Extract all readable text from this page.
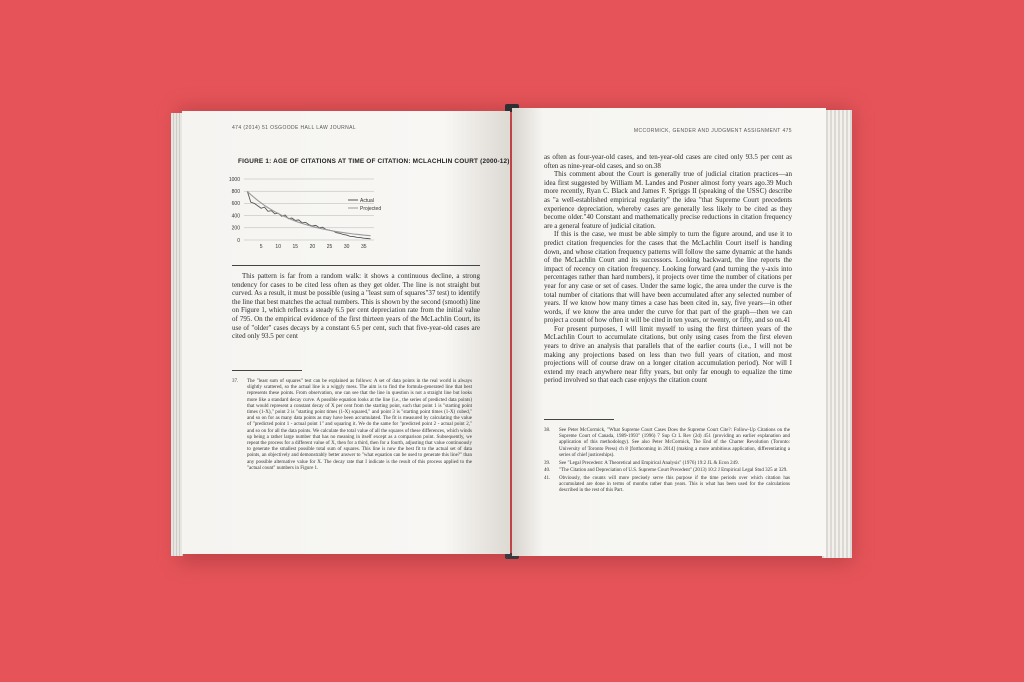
474 (2014) 51 OSGOODE HALL LAW JOURNAL
FIGURE 1: AGE OF CITATIONS AT TIME OF CITATION: MCLACHLIN COURT (2000-12)
1000
800
600
400
200
0
5	10 15 20 25 30 35
Actual
Projected

This pattern is far from a random walk: it shows a continuous decline, a strong tendency for cases to be cited less often as they get older. The line is not straight but curved. As a result, it must be possible (using a "least sum of squares"37 test) to identify the line that best matches the actual numbers. This is shown by the second (smooth) line on Figure 1, which reflects a steady 6.5 per cent depreciation rate from the initial value of 795. On the empirical evidence of the first thirteen years of the McLachlin Court, its use of "older" cases decays by a constant 6.5 per cent, such that five-year-old cases are cited only 93.5 per cent

37.	The "least sum of squares" test can be explained as follows: A set of data points in the real world is always slightly scattered, so the actual line is a wiggly mess. The aim is to find the formula-generated line that best represents these points. From observation, one can see that the line in question is not a straight line but looks more like a standard decay curve. A possible equation looks at the line (i.e., the series of predicted data points) that would represent a constant decay of X per cent from the starting point, such that point 1 is "starting point times (1-X)," point 2 is "starting point times (1-X) squared," and point 3 is "starting point times (1-X) cubed," and so on for as many data points as may have been accumulated. The fit is measured by calculating the value of "predicted point 1 - actual point 1" and squaring it. We do the same for "predicted point 2 - actual point 2," and so on for all the data points. We calculate the total value of all the squares of these differences, which winds up being a rather large number that has no meaning in itself except as a comparison point. Subsequently, we repeat the process for a different value of X, then for a third, then for a fourth, adjusting that value continuously to generate the smallest possible total sum of squares. This line is now the best fit to the actual set of data points, an objectively and demonstrably better answer to "what equation can be used to generate this line?" than any possible alternative value for X. The decay rate that I indicate is the result of this process applied to the "actual count" numbers in Figure 1.
MCCORMICK, GENDER AND JUDGMENT ASSIGNMENT 475

as often as four-year-old cases, and ten-year-old cases are cited only 93.5 per cent as often as nine-year-old cases, and so on.38

This comment about the Court is generally true of judicial citation practices—an idea first suggested by William M. Landes and Posner almost forty years ago.39 Much more recently, Ryan C. Black and James F. Spriggs II (speaking of the USSC) describe as "a well-established empirical regularity" the idea "that Supreme Court precedents experience depreciation, whereby cases are generally less likely to be cited as they become older."40 Constant and mathematically precise reductions in citation frequency are a general feature of judicial citation.

If this is the case, we must be able simply to turn the figure around, and use it to predict citation frequencies for the cases that the McLachlin Court itself is handing down, and whose citation frequency patterns will follow the same dynamic at the hands of the McLachlin Court and its successors. Looking backward, the line reports the impact of recency on citation frequency. Looking forward (and turning the y-axis into percentages rather than hard numbers), it projects over time the number of citations per year for any case or set of cases. Under the same logic, the area under the curve is the total number of citations that will have been accumulated after any selected number of years. If we know how many times a case has been cited in, say, five years—in other words, if we know the area under the curve for that part of the graph—then we can project a count of how often it will be cited in ten years, or twenty, or fifty, and so on.41

For present purposes, I will limit myself to using the first thirteen years of the McLachlin Court to accumulate citations, but only using cases from the first eleven years to drive an analysis that parallels that of the earlier courts (i.e., I will not be making any projections based on less than two full years of citation, and most projections will of course draw on a longer citation accumulation period). Nor will I extend my reach anywhere near fifty years, but only far enough to equalize the time period involved so that each case enjoys the citation count

38.	See Peter McCormick, "What Supreme Court Cases Does the Supreme Court Cite?: Follow-Up Citations on the Supreme Court of Canada, 1989-1993" (1996) 7 Sup Ct L Rev (2d) 451 (providing an earlier explanation and application of this methodology). See also Peter McCormick, The End of the Charter Revolution (Toronto: University of Toronto Press) ch 8 [forthcoming in 2014] (making a more ambitious application, differentiating a series of chief justiceships).
39.	See "Legal Precedent: A Theoretical and Empirical Analysis" (1976) 19:2 JL & Econ 249.
40.	"The Citation and Depreciation of U.S. Supreme Court Precedent" (2013) 10:2 J Empirical Legal Stud 325 at 329.
41.	Obviously, the counts will more precisely serve this purpose if the time periods over which citation has accumulated are done in terms of months rather than years. This is what has been used for the calculations described in the rest of this Part.
